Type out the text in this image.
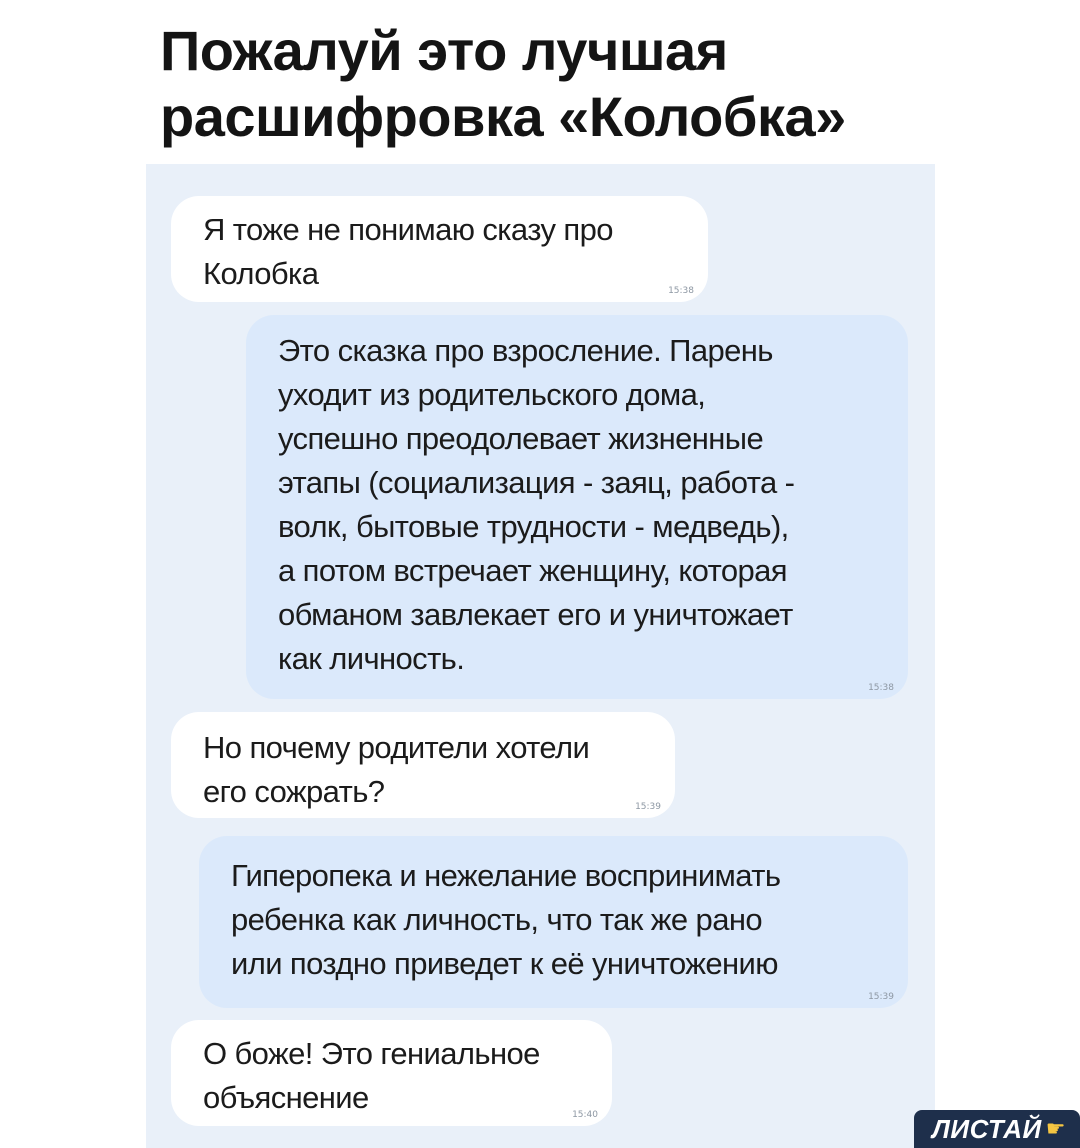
Пожалуй это лучшая
расшифровка «Колобка»
Я тоже не понимаю сказу про
Колобка	15:38
Это сказка про взросление. Парень
уходит из родительского дома,
успешно преодолевает жизненные
этапы (социализация - заяц, работа -
волк, бытовые трудности - медведь),
а потом встречает женщину, которая
обманом завлекает его и уничтожает
как личность.
15:38
Но почему родители хотели
его сожрать?	15:39
Гиперопека и нежелание воспринимать
ребенка как личность, что так же рано
или поздно приведет к её уничтожению
15:39
О боже! Это гениальное
объяснение	15:40	ЛИСТАЙ ☛
